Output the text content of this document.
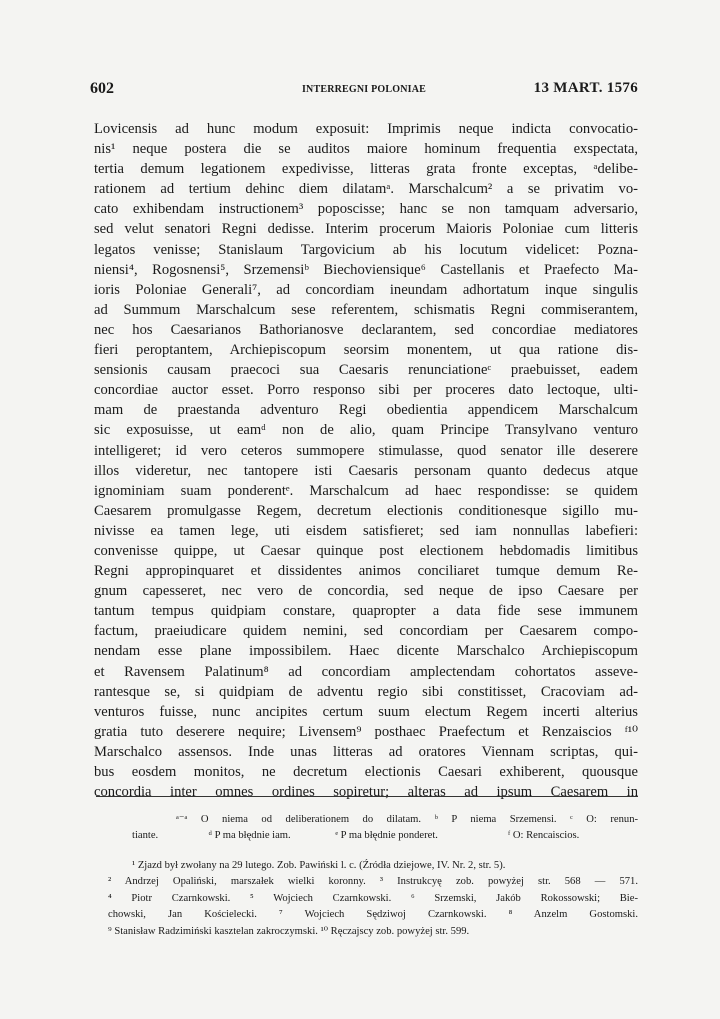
602	INTERREGNI POLONIAE	13 MART. 1576
Lovicensis ad hunc modum exposuit: Imprimis neque indicta convocatio-
nis¹ neque postera die se auditos maiore hominum frequentia exspectata,
tertia demum legationem expedivisse, litteras grata fronte exceptas, ᵃdelibe-
rationem ad tertium dehinc diem dilatamᵃ. Marschalcum² a se privatim vo-
cato exhibendam instructionem³ poposcisse; hanc se non tamquam adversario,
sed velut senatori Regni dedisse. Interim procerum Maioris Poloniae cum litteris
legatos venisse; Stanislaum Targovicium ab his locutum videlicet: Pozna-
niensi⁴, Rogosnensi⁵, Srzemensiᵇ Biechoviensique⁶ Castellanis et Praefecto Ma-
ioris Poloniae Generali⁷, ad concordiam ineundam adhortatum inque singulis
ad Summum Marschalcum sese referentem, schismatis Regni commiserantem,
nec hos Caesarianos Bathorianosve declarantem, sed concordiae mediatores
fieri peroptantem, Archiepiscopum seorsim monentem, ut qua ratione dis-
sensionis causam praecoci sua Caesaris renunciationeᶜ praebuisset, eadem
concordiae auctor esset. Porro responso sibi per proceres dato lectoque, ulti-
mam de praestanda adventuro Regi obedientia appendicem Marschalcum
sic exposuisse, ut eamᵈ non de alio, quam Principe Transylvano venturo
intelligeret; id vero ceteros summopere stimulasse, quod senator ille deserere
illos videretur, nec tantopere isti Caesaris personam quanto dedecus atque
ignominiam suam ponderentᵉ. Marschalcum ad haec respondisse: se quidem
Caesarem promulgasse Regem, decretum electionis conditionesque sigillo mu-
nivisse ea tamen lege, uti eisdem satisfieret; sed iam nonnullas labefieri:
convenisse quippe, ut Caesar quinque post electionem hebdomadis limitibus
Regni appropinquaret et dissidentes animos conciliaret tumque demum Re-
gnum capesseret, nec vero de concordia, sed neque de ipso Caesare per
tantum tempus quidpiam constare, quapropter a data fide sese immunem
factum, praeiudicare quidem nemini, sed concordiam per Caesarem compo-
nendam esse plane impossibilem. Haec dicente Marschalco Archiepiscopum
et Ravensem Palatinum⁸ ad concordiam amplectendam cohortatos asseve-
rantesque se, si quidpiam de adventu regio sibi constitisset, Cracoviam ad-
venturos fuisse, nunc ancipites certum suum electum Regem incerti alterius
gratia tuto deserere nequire; Livensem⁹ posthaec Praefectum et Renzaiscios ᶠ¹⁰
Marschalco assensos. Inde unas litteras ad oratores Viennam scriptas, qui-
bus eosdem monitos, ne decretum electionis Caesari exhiberent, quousque
concordia inter omnes ordines sopiretur; alteras ad ipsum Caesarem in
ᵃ⁻ᵃ O niema od deliberationem do dilatam. ᵇ P niema Srzemensi. ᶜ O: renun-
tiante.	ᵈ P ma błędnie iam.	ᵉ P ma błędnie ponderet.	ᶠ O: Rencaiscios.
¹ Zjazd był zwołany na 29 lutego. Zob. Pawiński l. c. (Źródła dziejowe, IV. Nr. 2, str. 5).
² Andrzej Opaliński, marszałek wielki koronny. ³ Instrukcyę zob. powyżej str. 568 — 571.
⁴ Piotr Czarnkowski. ⁵ Wojciech Czarnkowski. ⁶ Srzemski, Jakób Rokossowski; Bie-
chowski, Jan Kościelecki. ⁷ Wojciech Sędziwoj Czarnkowski. ⁸ Anzelm Gostomski.
⁹ Stanisław Radzimiński kasztelan zakroczymski. ¹⁰ Ręczajscy zob. powyżej str. 599.
